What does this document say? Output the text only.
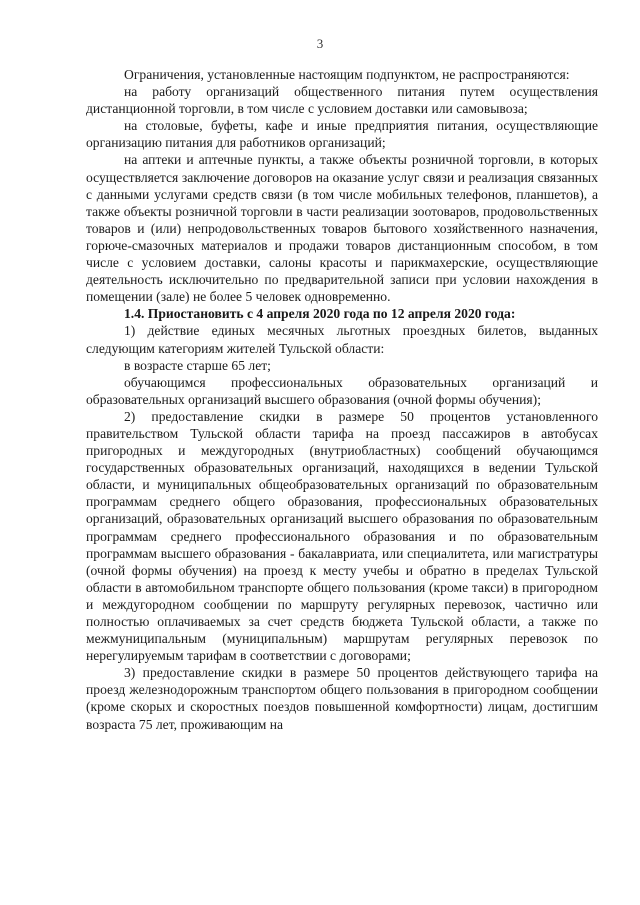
3

Ограничения, установленные настоящим подпунктом, не распространяются:

на работу организаций общественного питания путем осуществления дистанционной торговли, в том числе с условием доставки или самовывоза;

на столовые, буфеты, кафе и иные предприятия питания, осуществляющие организацию питания для работников организаций;

на аптеки и аптечные пункты, а также объекты розничной торговли, в которых осуществляется заключение договоров на оказание услуг связи и реализация связанных с данными услугами средств связи (в том числе мобильных телефонов, планшетов), а также объекты розничной торговли в части реализации зоотоваров, продовольственных товаров и (или) непродовольственных товаров бытового хозяйственного назначения, горюче-смазочных материалов и продажи товаров дистанционным способом, в том числе с условием доставки, салоны красоты и парикмахерские, осуществляющие деятельность исключительно по предварительной записи при условии нахождения в помещении (зале) не более 5 человек одновременно.

1.4. Приостановить с 4 апреля 2020 года по 12 апреля 2020 года:

1) действие единых месячных льготных проездных билетов, выданных следующим категориям жителей Тульской области:

в возрасте старше 65 лет;

обучающимся профессиональных образовательных организаций и образовательных организаций высшего образования (очной формы обучения);

2) предоставление скидки в размере 50 процентов установленного правительством Тульской области тарифа на проезд пассажиров в автобусах пригородных и междугородных (внутриобластных) сообщений обучающимся государственных образовательных организаций, находящихся в ведении Тульской области, и муниципальных общеобразовательных организаций по образовательным программам среднего общего образования, профессиональных образовательных организаций, образовательных организаций высшего образования по образовательным программам среднего профессионального образования и по образовательным программам высшего образования - бакалавриата, или специалитета, или магистратуры (очной формы обучения) на проезд к месту учебы и обратно в пределах Тульской области в автомобильном транспорте общего пользования (кроме такси) в пригородном и междугородном сообщении по маршруту регулярных перевозок, частично или полностью оплачиваемых за счет средств бюджета Тульской области, а также по межмуниципальным (муниципальным) маршрутам регулярных перевозок по нерегулируемым тарифам в соответствии с договорами;

3) предоставление скидки в размере 50 процентов действующего тарифа на проезд железнодорожным транспортом общего пользования в пригородном сообщении (кроме скорых и скоростных поездов повышенной комфортности) лицам, достигшим возраста 75 лет, проживающим на
